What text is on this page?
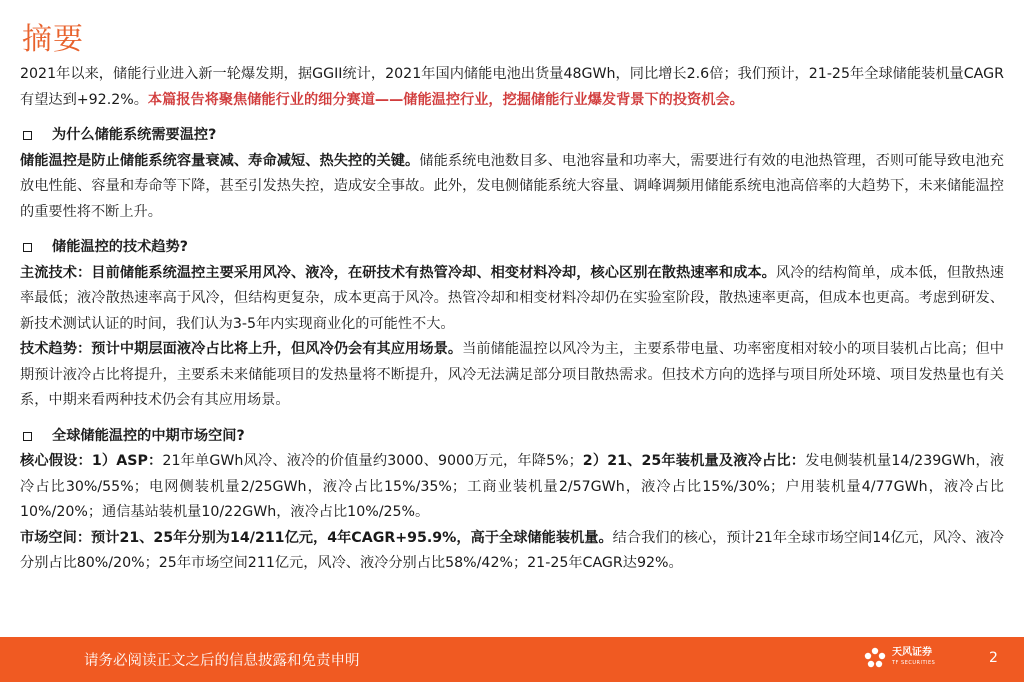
摘要

2021年以来，储能行业进入新一轮爆发期，据GGII统计，2021年国内储能电池出货量48GWh，同比增长2.6倍；我们预计，21-25年全球储能装机量CAGR有望达到+92.2%。本篇报告将聚焦储能行业的细分赛道——储能温控行业，挖掘储能行业爆发背景下的投资机会。

为什么储能系统需要温控?

储能温控是防止储能系统容量衰减、寿命减短、热失控的关键。储能系统电池数目多、电池容量和功率大，需要进行有效的电池热管理，否则可能导致电池充放电性能、容量和寿命等下降，甚至引发热失控，造成安全事故。此外，发电侧储能系统大容量、调峰调频用储能系统电池高倍率的大趋势下，未来储能温控的重要性将不断上升。

储能温控的技术趋势?

主流技术：目前储能系统温控主要采用风冷、液冷，在研技术有热管冷却、相变材料冷却，核心区别在散热速率和成本。风冷的结构简单，成本低，但散热速率最低；液冷散热速率高于风冷，但结构更复杂，成本更高于风冷。热管冷却和相变材料冷却仍在实验室阶段，散热速率更高，但成本也更高。考虑到研发、新技术测试认证的时间，我们认为3-5年内实现商业化的可能性不大。

技术趋势：预计中期层面液冷占比将上升，但风冷仍会有其应用场景。当前储能温控以风冷为主，主要系带电量、功率密度相对较小的项目装机占比高；但中期预计液冷占比将提升，主要系未来储能项目的发热量将不断提升，风冷无法满足部分项目散热需求。但技术方向的选择与项目所处环境、项目发热量也有关系，中期来看两种技术仍会有其应用场景。

全球储能温控的中期市场空间?

核心假设：1）ASP：21年单GWh风冷、液冷的价值量约3000、9000万元，年降5%；2）21、25年装机量及液冷占比：发电侧装机量14/239GWh，液冷占比30%/55%；电网侧装机量2/25GWh，液冷占比15%/35%；工商业装机量2/57GWh，液冷占比15%/30%；户用装机量4/77GWh，液冷占比10%/20%；通信基站装机量10/22GWh，液冷占比10%/25%。

市场空间：预计21、25年分别为14/211亿元，4年CAGR+95.9%，高于全球储能装机量。结合我们的核心，预计21年全球市场空间14亿元，风冷、液冷分别占比80%/20%；25年市场空间211亿元，风冷、液冷分别占比58%/42%；21-25年CAGR达92%。

请务必阅读正文之后的信息披露和免责申明
天风证券
TF SECURITIES	2
